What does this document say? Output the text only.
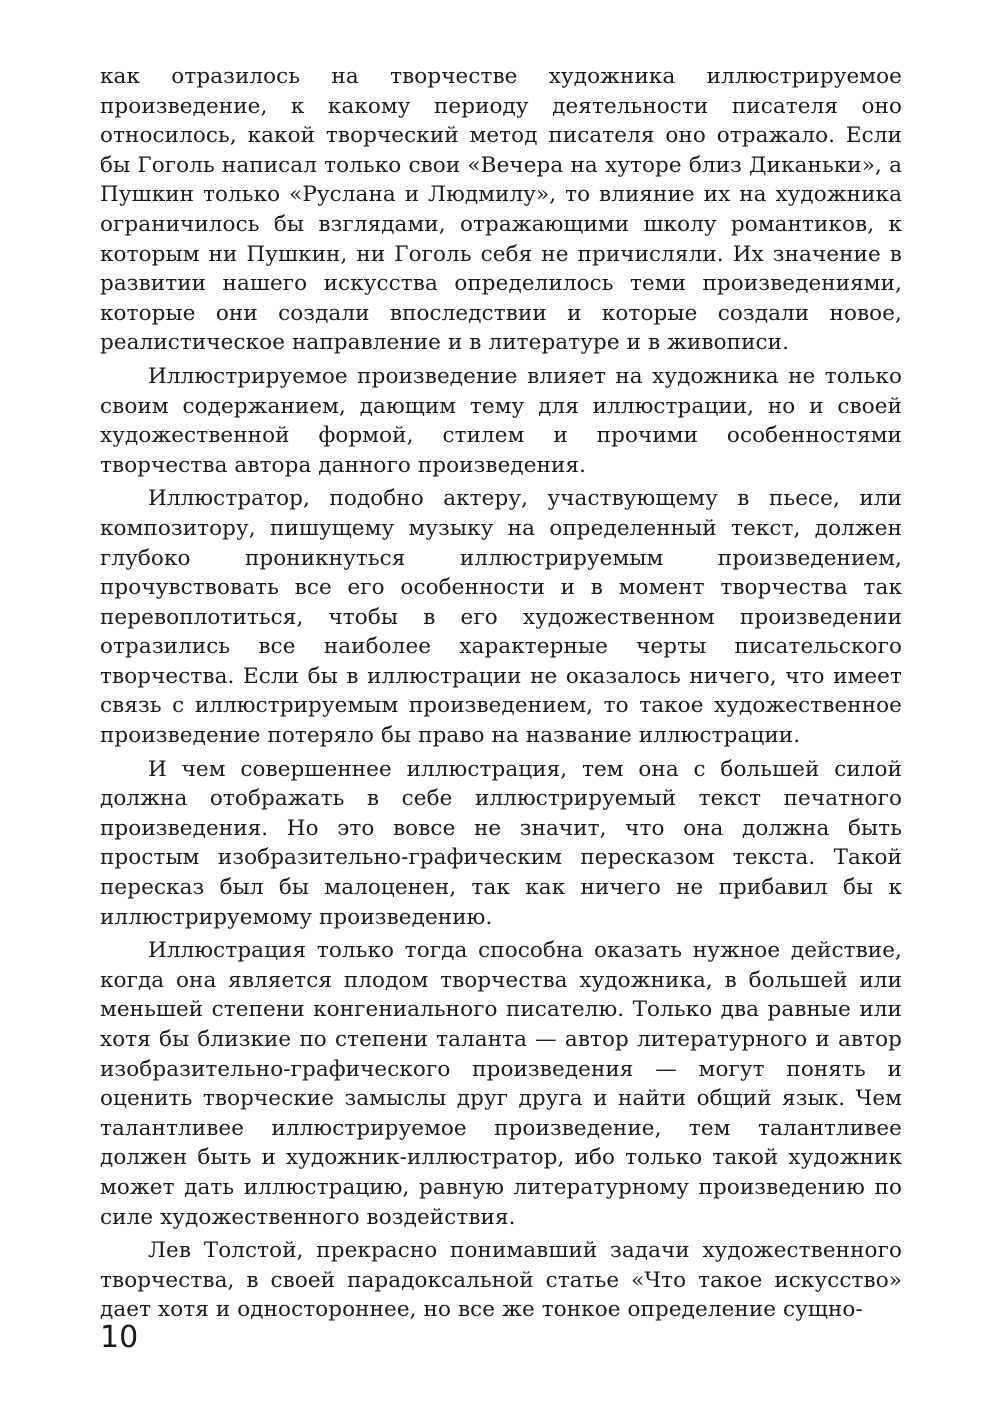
как отразилось на творчестве художника иллюстрируемое произведение, к какому периоду деятельности писателя оно относилось, какой творческий метод писателя оно отражало. Если бы Гоголь написал только свои «Вечера на хуторе близ Диканьки», а Пушкин только «Руслана и Людмилу», то влияние их на художника ограничилось бы взглядами, отражающими школу романтиков, к которым ни Пушкин, ни Гоголь себя не причисляли. Их значение в развитии нашего искусства определилось теми произведениями, которые они создали впоследствии и которые создали новое, реалистическое направление и в литературе и в живописи.

Иллюстрируемое произведение влияет на художника не только своим содержанием, дающим тему для иллюстрации, но и своей художественной формой, стилем и прочими особенностями творчества автора данного произведения.

Иллюстратор, подобно актеру, участвующему в пьесе, или композитору, пишущему музыку на определенный текст, должен глубоко проникнуться иллюстрируемым произведением, прочувствовать все его особенности и в момент творчества так перевоплотиться, чтобы в его художественном произведении отразились все наиболее характерные черты писательского творчества. Если бы в иллюстрации не оказалось ничего, что имеет связь с иллюстрируемым произведением, то такое художественное произведение потеряло бы право на название иллюстрации.

И чем совершеннее иллюстрация, тем она с большей силой должна отображать в себе иллюстрируемый текст печатного произведения. Но это вовсе не значит, что она должна быть простым изобразительно-графическим пересказом текста. Такой пересказ был бы малоценен, так как ничего не прибавил бы к иллюстрируемому произведению.

Иллюстрация только тогда способна оказать нужное действие, когда она является плодом творчества художника, в большей или меньшей степени конгениального писателю. Только два равные или хотя бы близкие по степени таланта — автор литературного и автор изобразительно-графического произведения — могут понять и оценить творческие замыслы друг друга и найти общий язык. Чем талантливее иллюстрируемое произведение, тем талантливее должен быть и художник-иллюстратор, ибо только такой художник может дать иллюстрацию, равную литературному произведению по силе художественного воздействия.

Лев Толстой, прекрасно понимавший задачи художественного творчества, в своей парадоксальной статье «Что такое искусство» дает хотя и одностороннее, но все же тонкое определение сущно-

10
